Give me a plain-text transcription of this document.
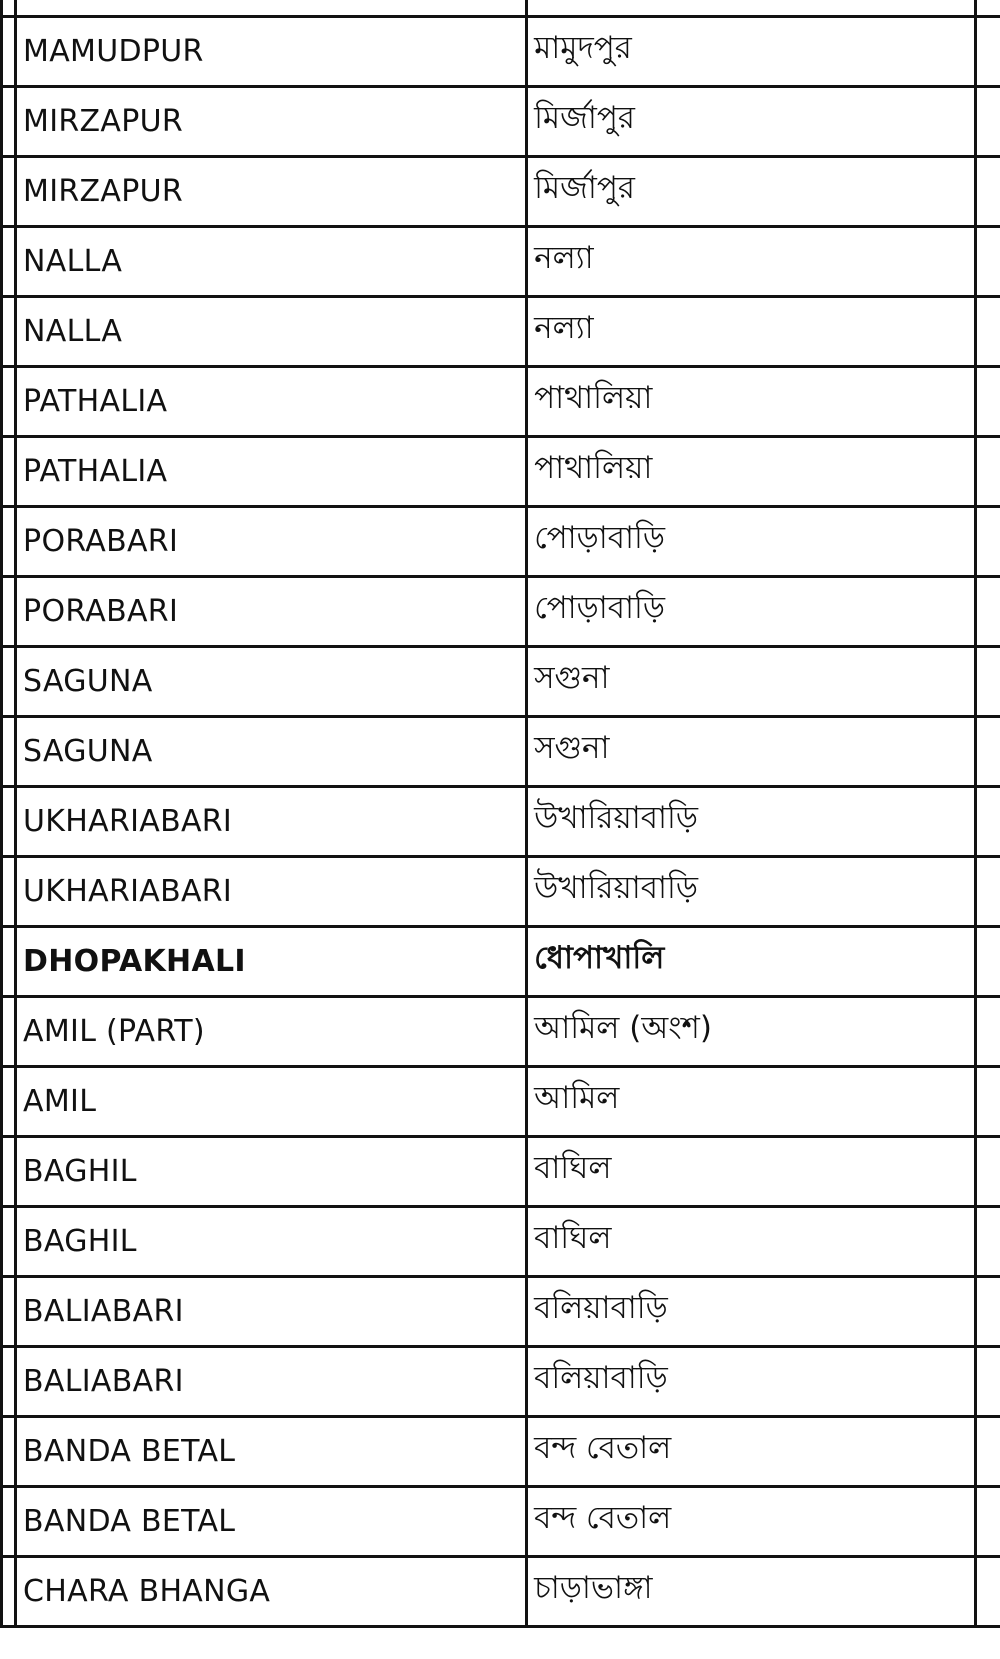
	MAMUDPUR	মামুদপুর	
	MIRZAPUR	মির্জাপুর	
	MIRZAPUR	মির্জাপুর	
	NALLA	নল্যা	
	NALLA	নল্যা	
	PATHALIA	পাথালিয়া	
	PATHALIA	পাথালিয়া	
	PORABARI	পোড়াবাড়ি	
	PORABARI	পোড়াবাড়ি	
	SAGUNA	সগুনা	
	SAGUNA	সগুনা	
	UKHARIABARI	উখারিয়াবাড়ি	
	UKHARIABARI	উখারিয়াবাড়ি	
	DHOPAKHALI	ধোপাখালি	
	AMIL (PART)	আমিল (অংশ)	
	AMIL	আমিল	
	BAGHIL	বাঘিল	
	BAGHIL	বাঘিল	
	BALIABARI	বলিয়াবাড়ি	
	BALIABARI	বলিয়াবাড়ি	
	BANDA BETAL	বন্দ বেতাল	
	BANDA BETAL	বন্দ বেতাল	
	CHARA BHANGA	চাড়াভাঙ্গা	
